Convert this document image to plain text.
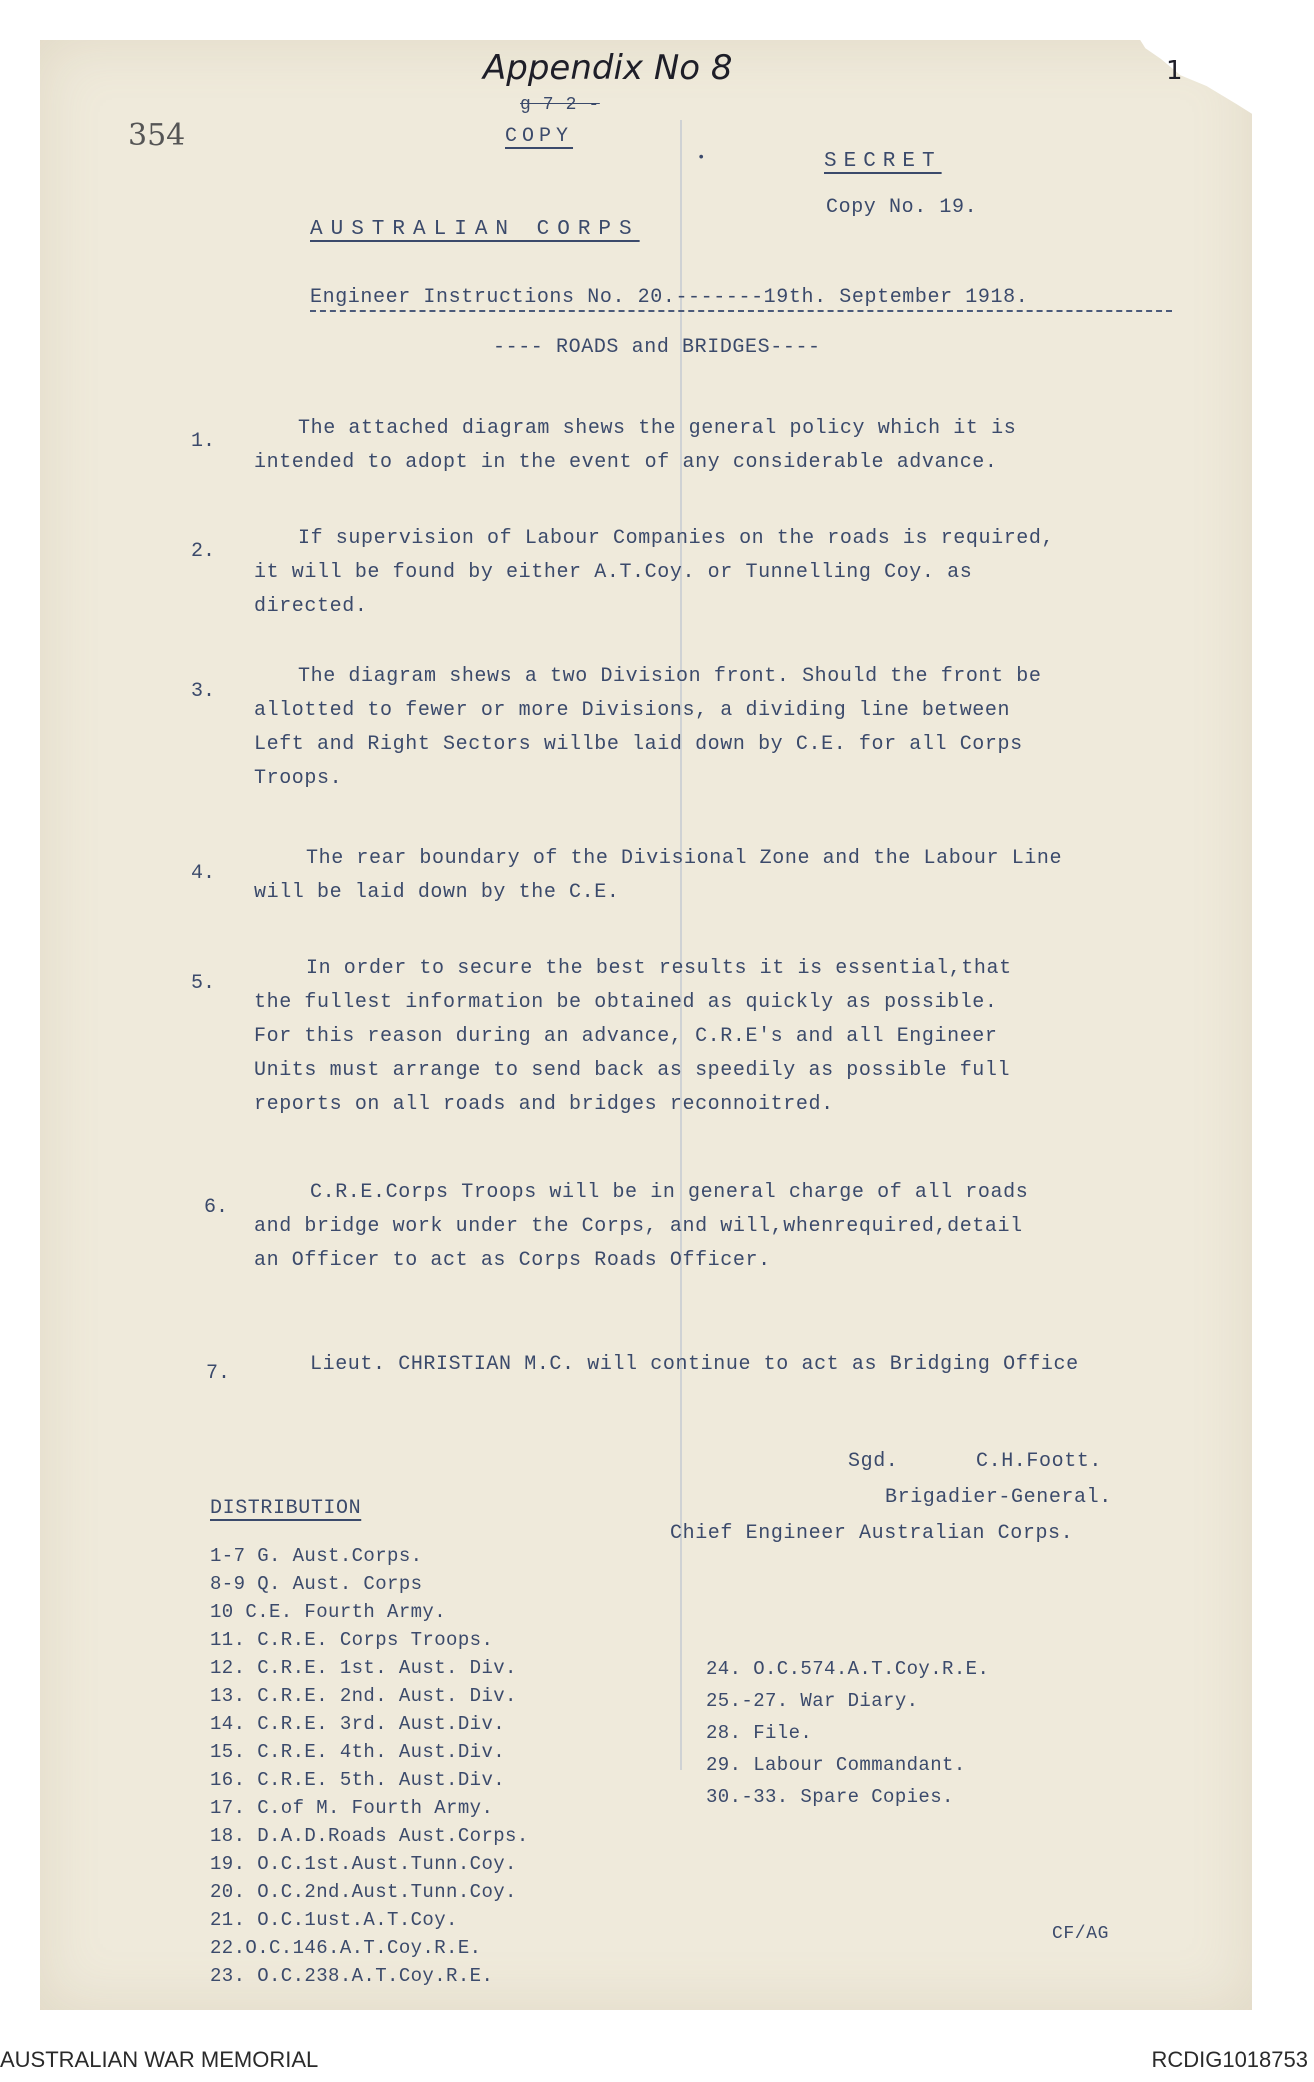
Appendix No 8	1
354
g 7 2 -
COPY
•	SECRET
Copy No. 19.
AUSTRALIAN CORPS
Engineer Instructions No. 20.-------19th. September 1918.
---- ROADS and BRIDGES----
1.
The attached diagram shews the general policy which it is
intended to adopt in the event of any considerable advance.
2.
If supervision of Labour Companies on the roads is required,
it will be found by either A.T.Coy. or Tunnelling Coy. as
directed.
3.
The diagram shews a two Division front. Should the front be
allotted to fewer or more Divisions, a dividing line between
Left and Right Sectors willbe laid down by C.E. for all Corps
Troops.
4.
The rear boundary of the Divisional Zone and the Labour Line
will be laid down by the C.E.
5.
In order to secure the best results it is essential,that
the fullest information be obtained as quickly as possible.
For this reason during an advance, C.R.E's and all Engineer
Units must arrange to send back as speedily as possible full
reports on all roads and bridges reconnoitred.
6.
C.R.E.Corps Troops will be in general charge of all roads
and bridge work under the Corps, and will,whenrequired,detail
an Officer to act as Corps Roads Officer.
7.	Lieut. CHRISTIAN M.C. will continue to act as Bridging Office
Sgd.	C.H.Foott.
Brigadier-General.
Chief Engineer Australian Corps.
DISTRIBUTION
1-7 G. Aust.Corps.
8-9 Q. Aust. Corps
10 C.E. Fourth Army.
11. C.R.E. Corps Troops.
12. C.R.E. 1st. Aust. Div.
13. C.R.E. 2nd. Aust. Div.
14. C.R.E. 3rd. Aust.Div.
15. C.R.E. 4th. Aust.Div.
16. C.R.E. 5th. Aust.Div.
17. C.of M. Fourth Army.
18. D.A.D.Roads Aust.Corps.
19. O.C.1st.Aust.Tunn.Coy.
20. O.C.2nd.Aust.Tunn.Coy.
21. O.C.1ust.A.T.Coy.
22.O.C.146.A.T.Coy.R.E.
23. O.C.238.A.T.Coy.R.E.
24. O.C.574.A.T.Coy.R.E.
25.-27. War Diary.
28. File.
29. Labour Commandant.
30.-33. Spare Copies.
CF/AG
AUSTRALIAN WAR MEMORIAL	RCDIG1018753
